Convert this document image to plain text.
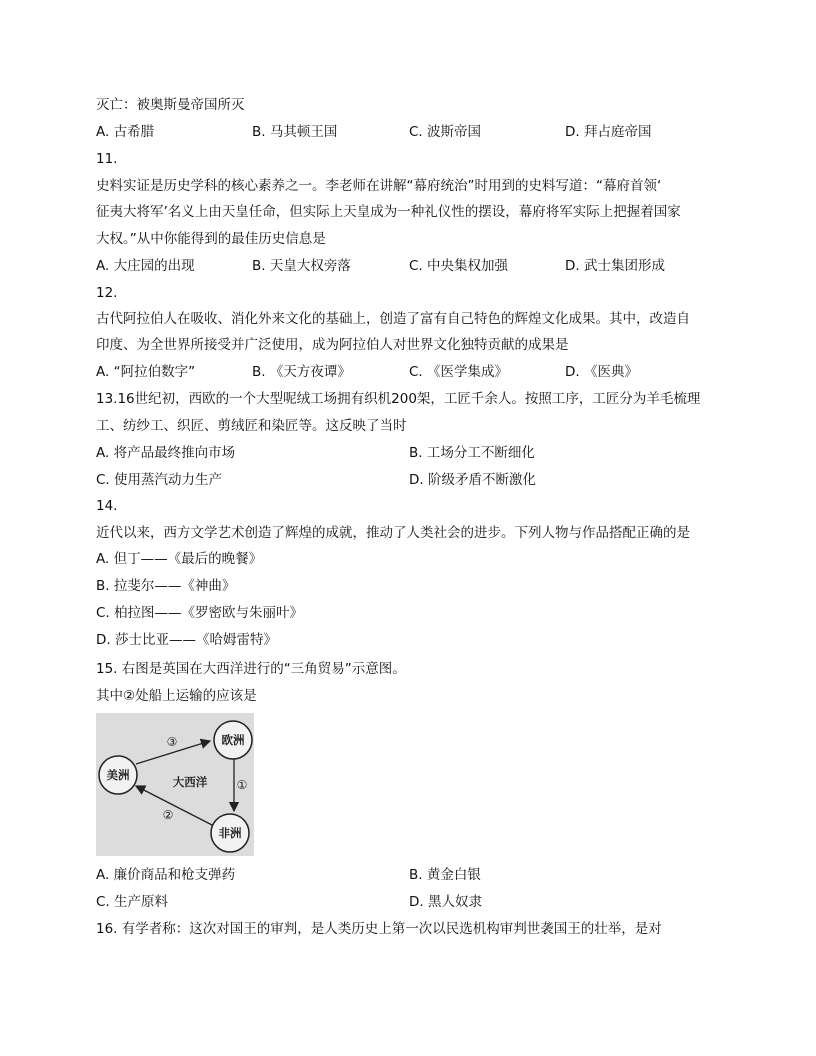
灭亡：被奥斯曼帝国所灭
A. 古希腊	B. 马其顿王国	C. 波斯帝国	D. 拜占庭帝国
11.
史料实证是历史学科的核心素养之一。李老师在讲解“幕府统治”时用到的史料写道：“幕府首领‘
征夷大将军’名义上由天皇任命，但实际上天皇成为一种礼仪性的摆设，幕府将军实际上把握着国家
大权。”从中你能得到的最佳历史信息是
A. 大庄园的出现	B. 天皇大权旁落	C. 中央集权加强	D. 武士集团形成
12.
古代阿拉伯人在吸收、消化外来文化的基础上，创造了富有自己特色的辉煌文化成果。其中，改造自
印度、为全世界所接受并广泛使用，成为阿拉伯人对世界文化独特贡献的成果是
A. “阿拉伯数字”	B. 《天方夜谭》	C. 《医学集成》	D. 《医典》
13.16世纪初，西欧的一个大型呢绒工场拥有织机200架，工匠千余人。按照工序，工匠分为羊毛梳理
工、纺纱工、织匠、剪绒匠和染匠等。这反映了当时
A. 将产品最终推向市场	B. 工场分工不断细化
C. 使用蒸汽动力生产	D. 阶级矛盾不断激化
14.
近代以来，西方文学艺术创造了辉煌的成就，推动了人类社会的进步。下列人物与作品搭配正确的是
A. 但丁——《最后的晚餐》
B. 拉斐尔——《神曲》
C. 柏拉图——《罗密欧与朱丽叶》
D. 莎士比亚——《哈姆雷特》
15. 右图是英国在大西洋进行的“三角贸易”示意图。
其中②处船上运输的应该是
欧洲
美洲
非洲
大西洋
③
①
②
A. 廉价商品和枪支弹药	B. 黄金白银
C. 生产原料	D. 黑人奴隶
16. 有学者称：这次对国王的审判，是人类历史上第一次以民选机构审判世袭国王的壮举，是对
